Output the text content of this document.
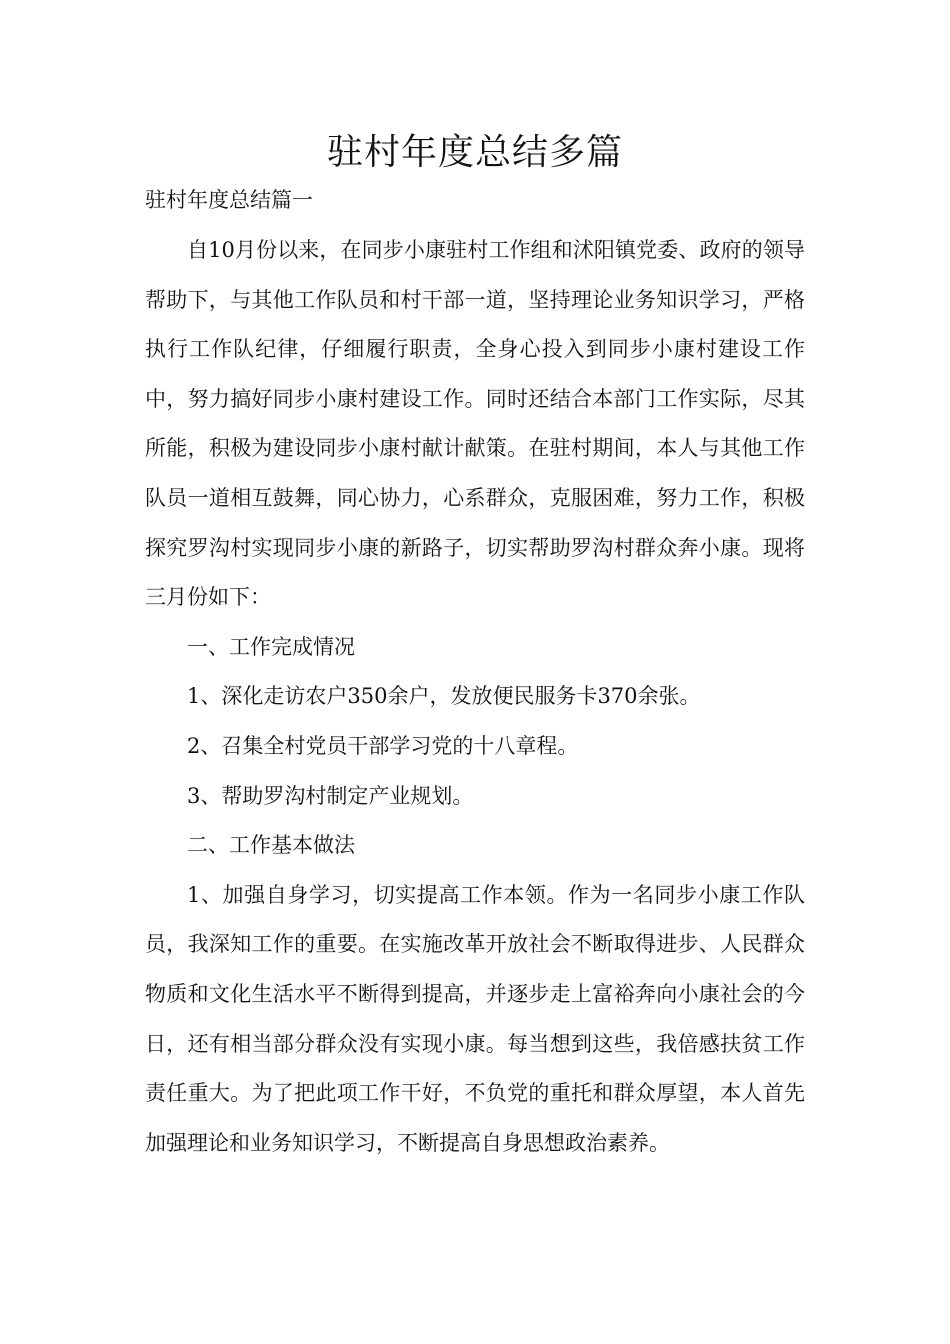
驻村年度总结多篇
驻村年度总结篇一

自10月份以来，在同步小康驻村工作组和沭阳镇党委、政府的领导帮助下，与其他工作队员和村干部一道，坚持理论业务知识学习，严格执行工作队纪律，仔细履行职责，全身心投入到同步小康村建设工作中，努力搞好同步小康村建设工作。同时还结合本部门工作实际，尽其所能，积极为建设同步小康村献计献策。在驻村期间，本人与其他工作队员一道相互鼓舞，同心协力，心系群众，克服困难，努力工作，积极探究罗沟村实现同步小康的新路子，切实帮助罗沟村群众奔小康。现将三月份如下：

一、工作完成情况

1、深化走访农户350余户，发放便民服务卡370余张。

2、召集全村党员干部学习党的十八章程。

3、帮助罗沟村制定产业规划。

二、工作基本做法

1、加强自身学习，切实提高工作本领。作为一名同步小康工作队员，我深知工作的重要。在实施改革开放社会不断取得进步、人民群众物质和文化生活水平不断得到提高，并逐步走上富裕奔向小康社会的今日，还有相当部分群众没有实现小康。每当想到这些，我倍感扶贫工作责任重大。为了把此项工作干好，不负党的重托和群众厚望，本人首先加强理论和业务知识学习，不断提高自身思想政治素养。
